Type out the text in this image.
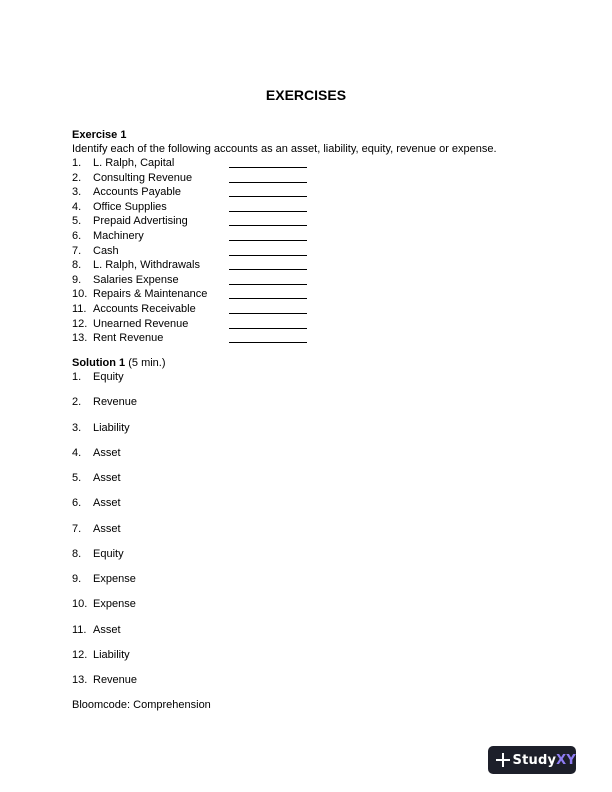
EXERCISES
Exercise 1
Identify each of the following accounts as an asset, liability, equity, revenue or expense.
1. L. Ralph, Capital
2. Consulting Revenue
3. Accounts Payable
4. Office Supplies
5. Prepaid Advertising
6. Machinery
7. Cash
8. L. Ralph, Withdrawals
9. Salaries Expense
10. Repairs & Maintenance
11. Accounts Receivable
12. Unearned Revenue
13. Rent Revenue
Solution 1 (5 min.)
1. Equity
2. Revenue
3. Liability
4. Asset
5. Asset
6. Asset
7. Asset
8. Equity
9. Expense
10. Expense
11. Asset
12. Liability
13. Revenue
Bloomcode: Comprehension
StudyXY
